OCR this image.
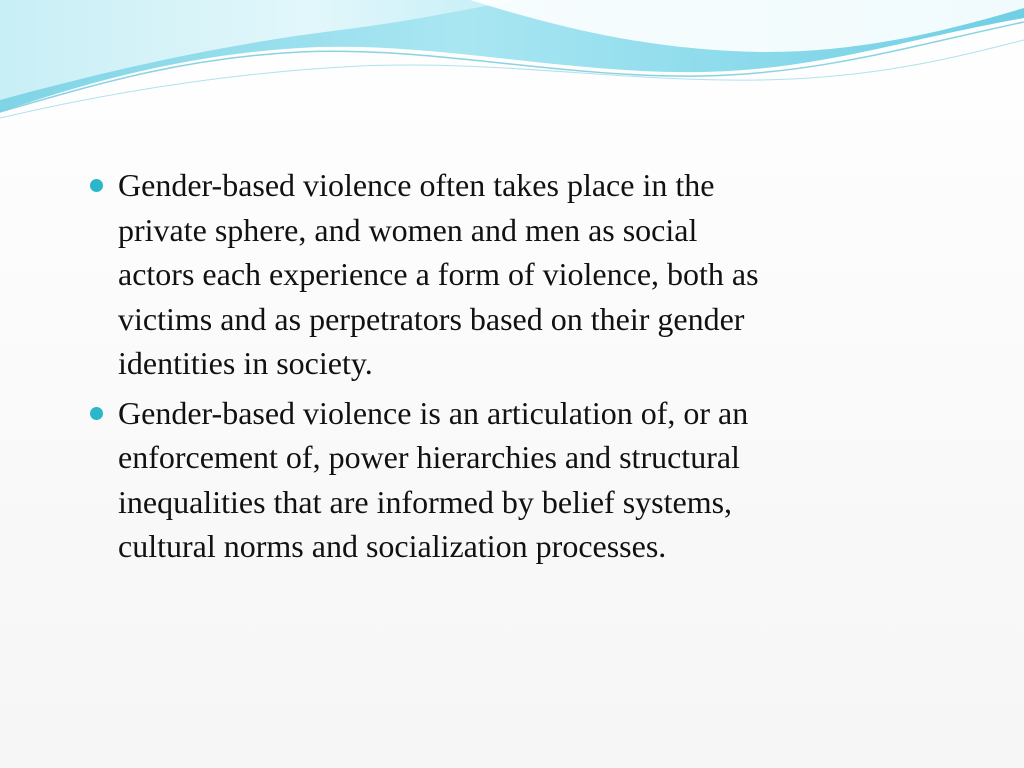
Gender-based violence often takes place in the
private sphere, and women and men as social
actors each experience a form of violence, both as
victims and as perpetrators based on their gender
identities in society.
Gender-based violence is an articulation of, or an
enforcement of, power hierarchies and structural
inequalities that are informed by belief systems,
cultural norms and socialization processes.
